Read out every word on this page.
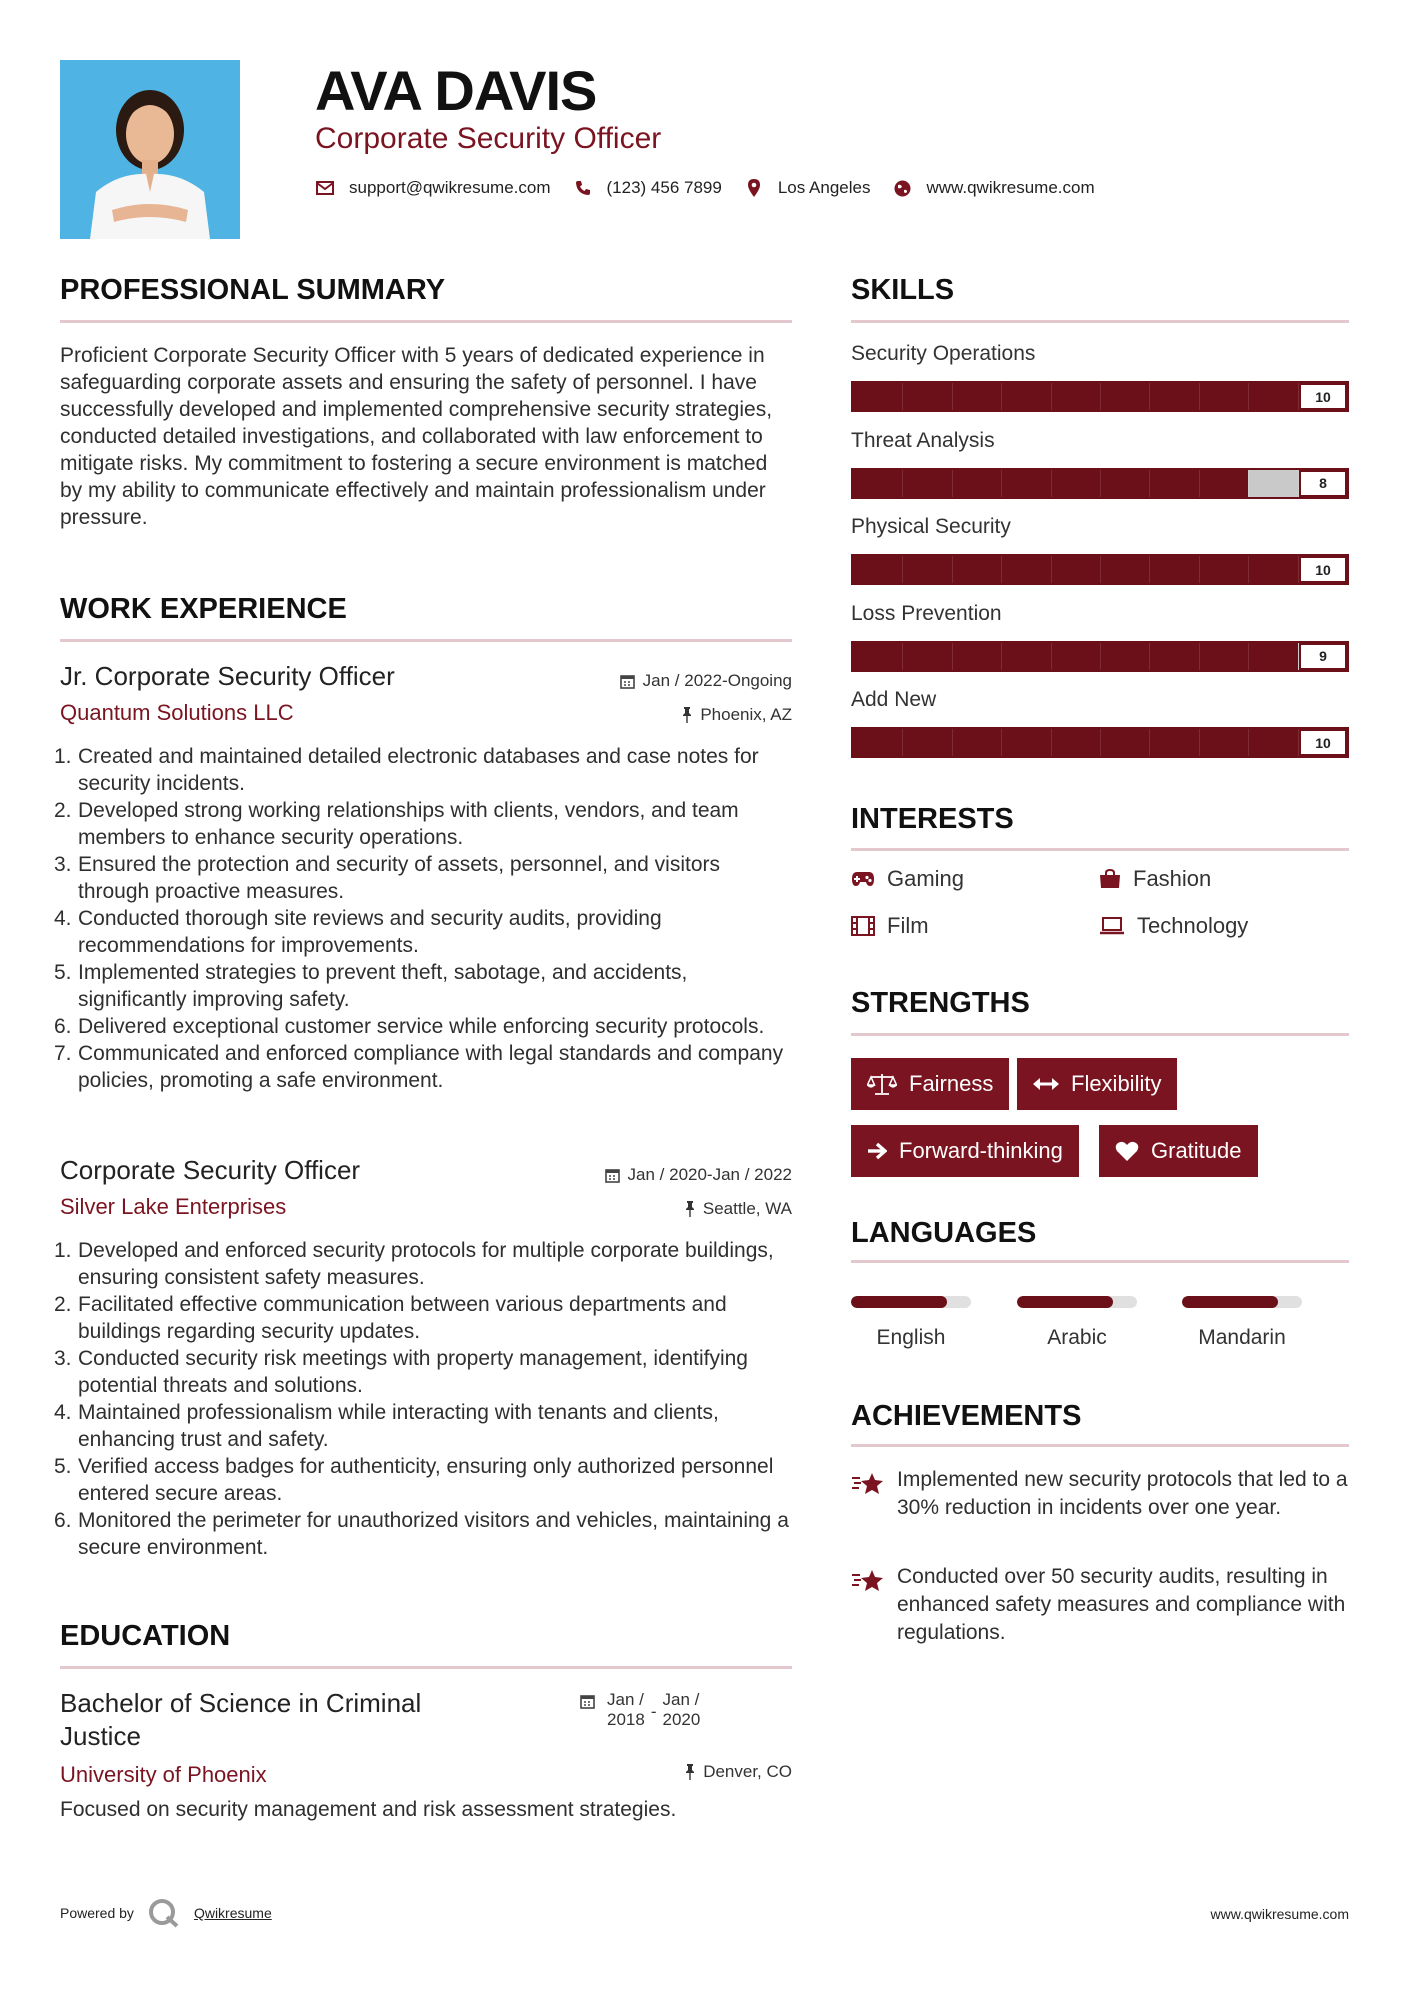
AVA DAVIS
Corporate Security Officer
support@qwikresume.com	(123) 456 7899	Los Angeles	www.qwikresume.com
PROFESSIONAL SUMMARY
Proficient Corporate Security Officer with 5 years of dedicated experience in safeguarding corporate assets and ensuring the safety of personnel. I have successfully developed and implemented comprehensive security strategies, conducted detailed investigations, and collaborated with law enforcement to mitigate risks. My commitment to fostering a secure environment is matched by my ability to communicate effectively and maintain professionalism under pressure.
WORK EXPERIENCE
Jr. Corporate Security Officer	Jan / 2022-Ongoing
Quantum Solutions LLC	Phoenix, AZ
1. Created and maintained detailed electronic databases and case notes for security incidents.
2. Developed strong working relationships with clients, vendors, and team members to enhance security operations.
3. Ensured the protection and security of assets, personnel, and visitors through proactive measures.
4. Conducted thorough site reviews and security audits, providing recommendations for improvements.
5. Implemented strategies to prevent theft, sabotage, and accidents, significantly improving safety.
6. Delivered exceptional customer service while enforcing security protocols.
7. Communicated and enforced compliance with legal standards and company policies, promoting a safe environment.
Corporate Security Officer	Jan / 2020-Jan / 2022
Silver Lake Enterprises	Seattle, WA
1. Developed and enforced security protocols for multiple corporate buildings, ensuring consistent safety measures.
2. Facilitated effective communication between various departments and buildings regarding security updates.
3. Conducted security risk meetings with property management, identifying potential threats and solutions.
4. Maintained professionalism while interacting with tenants and clients, enhancing trust and safety.
5. Verified access badges for authenticity, ensuring only authorized personnel entered secure areas.
6. Monitored the perimeter for unauthorized visitors and vehicles, maintaining a secure environment.
EDUCATION
Bachelor of Science in Criminal Justice
Jan /
2018 -
Jan /
2020
University of Phoenix	Denver, CO
Focused on security management and risk assessment strategies.
SKILLS
Security Operations
10
Threat Analysis
8
Physical Security
10
Loss Prevention
9
Add New
10
INTERESTS
Gaming	Fashion
Film	Technology
STRENGTHS
Fairness	Flexibility
Forward-thinking	Gratitude
LANGUAGES
English	Arabic	Mandarin
ACHIEVEMENTS
Implemented new security protocols that led to a 30% reduction in incidents over one year.
Conducted over 50 security audits, resulting in enhanced safety measures and compliance with regulations.
Powered by	Qwikresume	www.qwikresume.com
